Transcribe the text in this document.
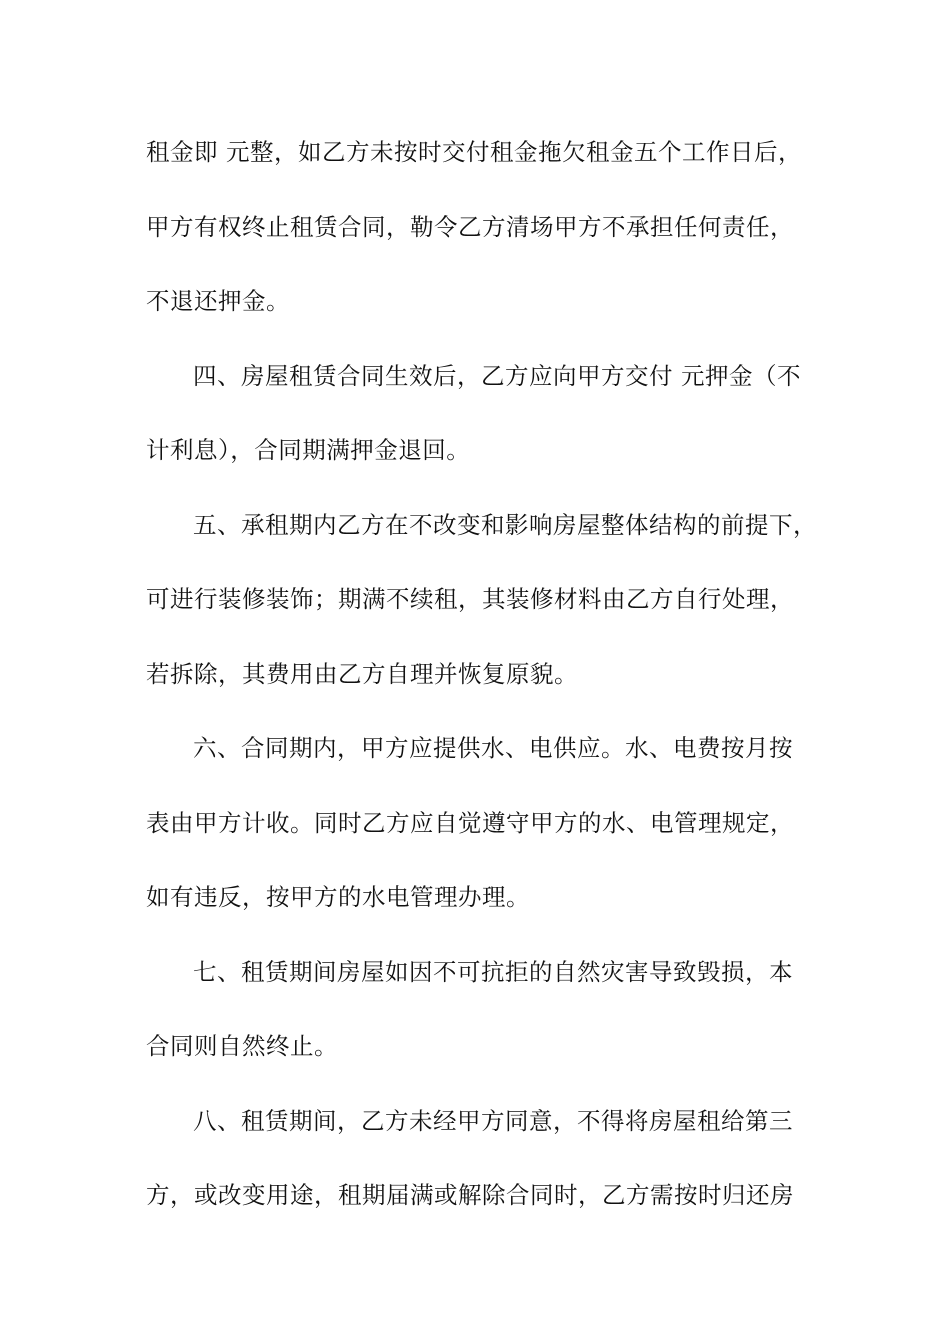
租金即 元整，如乙方未按时交付租金拖欠租金五个工作日后，
甲方有权终止租赁合同，勒令乙方清场甲方不承担任何责任，
不退还押金。
四、房屋租赁合同生效后，乙方应向甲方交付 元押金（不
计利息），合同期满押金退回。
五、承租期内乙方在不改变和影响房屋整体结构的前提下，
可进行装修装饰；期满不续租，其装修材料由乙方自行处理，
若拆除，其费用由乙方自理并恢复原貌。
六、合同期内，甲方应提供水、电供应。水、电费按月按
表由甲方计收。同时乙方应自觉遵守甲方的水、电管理规定，
如有违反，按甲方的水电管理办理。
七、租赁期间房屋如因不可抗拒的自然灾害导致毁损，本
合同则自然终止。
八、租赁期间，乙方未经甲方同意，不得将房屋租给第三
方，或改变用途，租期届满或解除合同时，乙方需按时归还房
